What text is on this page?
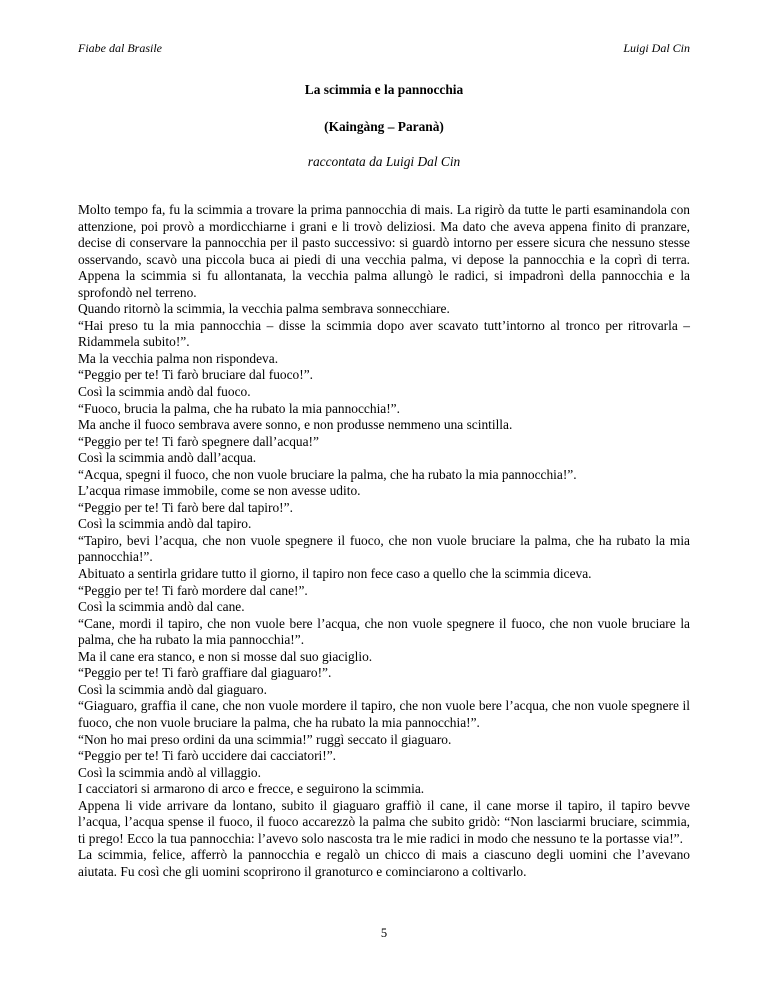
Fiabe dal Brasile	Luigi Dal Cin
La scimmia e la pannocchia
(Kaingàng – Paranà)
raccontata da Luigi Dal Cin

Molto tempo fa, fu la scimmia a trovare la prima pannocchia di mais. La rigirò da tutte le parti esaminandola con attenzione, poi provò a mordicchiarne i grani e li trovò deliziosi. Ma dato che aveva appena finito di pranzare, decise di conservare la pannocchia per il pasto successivo: si guardò intorno per essere sicura che nessuno stesse osservando, scavò una piccola buca ai piedi di una vecchia palma, vi depose la pannocchia e la coprì di terra. Appena la scimmia si fu allontanata, la vecchia palma allungò le radici, si impadronì della pannocchia e la sprofondò nel terreno.

Quando ritornò la scimmia, la vecchia palma sembrava sonnecchiare.

“Hai preso tu la mia pannocchia – disse la scimmia dopo aver scavato tutt’intorno al tronco per ritrovarla – Ridammela subito!”.

Ma la vecchia palma non rispondeva.

“Peggio per te! Ti farò bruciare dal fuoco!”.

Così la scimmia andò dal fuoco.

“Fuoco, brucia la palma, che ha rubato la mia pannocchia!”.

Ma anche il fuoco sembrava avere sonno, e non produsse nemmeno una scintilla.

“Peggio per te! Ti farò spegnere dall’acqua!”

Così la scimmia andò dall’acqua.

“Acqua, spegni il fuoco, che non vuole bruciare la palma, che ha rubato la mia pannocchia!”.

L’acqua rimase immobile, come se non avesse udito.

“Peggio per te! Ti farò bere dal tapiro!”.

Così la scimmia andò dal tapiro.

“Tapiro, bevi l’acqua, che non vuole spegnere il fuoco, che non vuole bruciare la palma, che ha rubato la mia pannocchia!”.

Abituato a sentirla gridare tutto il giorno, il tapiro non fece caso a quello che la scimmia diceva.

“Peggio per te! Ti farò mordere dal cane!”.

Così la scimmia andò dal cane.

“Cane, mordi il tapiro, che non vuole bere l’acqua, che non vuole spegnere il fuoco, che non vuole bruciare la palma, che ha rubato la mia pannocchia!”.

Ma il cane era stanco, e non si mosse dal suo giaciglio.

“Peggio per te! Ti farò graffiare dal giaguaro!”.

Così la scimmia andò dal giaguaro.

“Giaguaro, graffia il cane, che non vuole mordere il tapiro, che non vuole bere l’acqua, che non vuole spegnere il fuoco, che non vuole bruciare la palma, che ha rubato la mia pannocchia!”.

“Non ho mai preso ordini da una scimmia!” ruggì seccato il giaguaro.

“Peggio per te! Ti farò uccidere dai cacciatori!”.

Così la scimmia andò al villaggio.

I cacciatori si armarono di arco e frecce, e seguirono la scimmia.

Appena li vide arrivare da lontano, subito il giaguaro graffiò il cane, il cane morse il tapiro, il tapiro bevve l’acqua, l’acqua spense il fuoco, il fuoco accarezzò la palma che subito gridò: “Non lasciarmi bruciare, scimmia, ti prego! Ecco la tua pannocchia: l’avevo solo nascosta tra le mie radici in modo che nessuno te la portasse via!”.

La scimmia, felice, afferrò la pannocchia e regalò un chicco di mais a ciascuno degli uomini che l’avevano aiutata. Fu così che gli uomini scoprirono il granoturco e cominciarono a coltivarlo.

5
